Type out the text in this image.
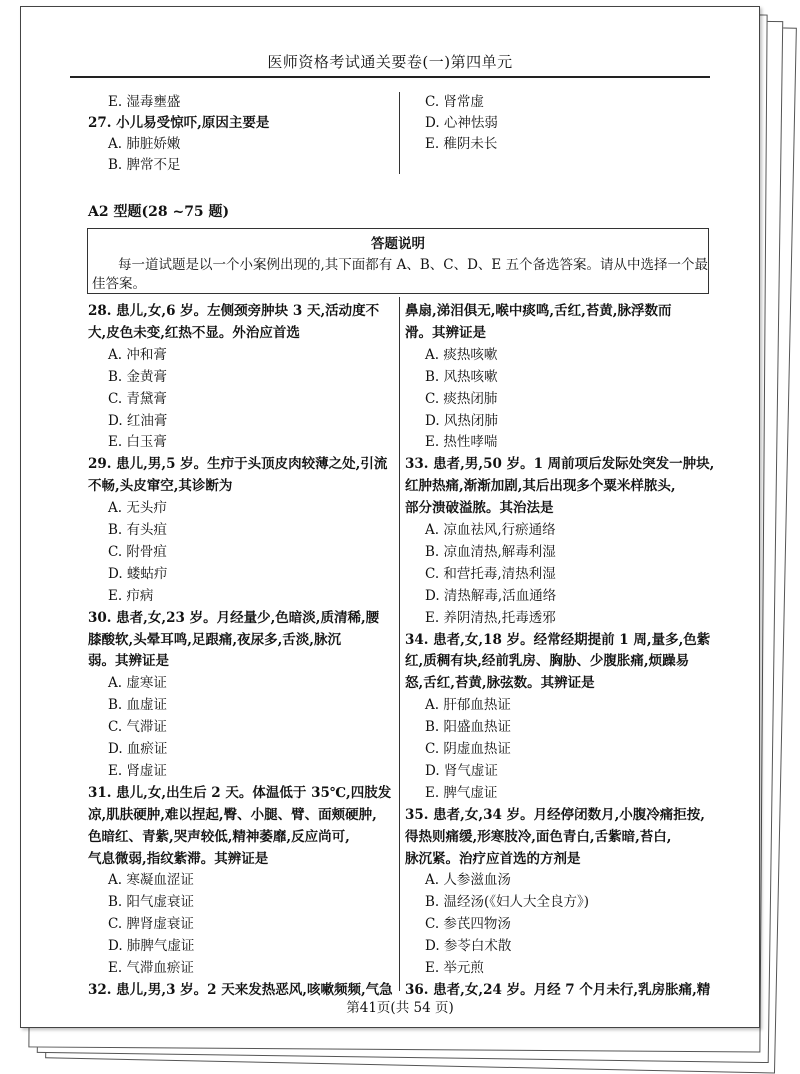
医师资格考试通关要卷(一)第四单元
E. 湿毒壅盛
27. 小儿易受惊吓,原因主要是
A. 肺脏娇嫩
B. 脾常不足
C. 肾常虚
D. 心神怯弱
E. 稚阴未长
A2 型题(28 ~75 题)
答题说明
每一道试题是以一个小案例出现的,其下面都有 A、B、C、D、E 五个备选答案。请从中选择一个最
佳答案。
28. 患儿,女,6 岁。左侧颈旁肿块 3 天,活动度不
大,皮色未变,红热不显。外治应首选
A. 冲和膏
B. 金黄膏
C. 青黛膏
D. 红油膏
E. 白玉膏
29. 患儿,男,5 岁。生疖于头顶皮肉较薄之处,引流
不畅,头皮窜空,其诊断为
A. 无头疖
B. 有头疽
C. 附骨疽
D. 蝼蛄疖
E. 疖病
30. 患者,女,23 岁。月经量少,色暗淡,质清稀,腰
膝酸软,头晕耳鸣,足跟痛,夜尿多,舌淡,脉沉
弱。其辨证是
A. 虚寒证
B. 血虚证
C. 气滞证
D. 血瘀证
E. 肾虚证
31. 患儿,女,出生后 2 天。体温低于 35℃,四肢发
凉,肌肤硬肿,难以捏起,臀、小腿、臂、面颊硬肿,
色暗红、青紫,哭声较低,精神萎靡,反应尚可,
气息微弱,指纹紫滞。其辨证是
A. 寒凝血涩证
B. 阳气虚衰证
C. 脾肾虚衰证
D. 肺脾气虚证
E. 气滞血瘀证
32. 患儿,男,3 岁。2 天来发热恶风,咳嗽频频,气急
鼻扇,涕泪俱无,喉中痰鸣,舌红,苔黄,脉浮数而
滑。其辨证是
A. 痰热咳嗽
B. 风热咳嗽
C. 痰热闭肺
D. 风热闭肺
E. 热性哮喘
33. 患者,男,50 岁。1 周前项后发际处突发一肿块,
红肿热痛,渐渐加剧,其后出现多个粟米样脓头,
部分溃破溢脓。其治法是
A. 凉血祛风,行瘀通络
B. 凉血清热,解毒利湿
C. 和营托毒,清热利湿
D. 清热解毒,活血通络
E. 养阴清热,托毒透邪
34. 患者,女,18 岁。经常经期提前 1 周,量多,色紫
红,质稠有块,经前乳房、胸胁、少腹胀痛,烦躁易
怒,舌红,苔黄,脉弦数。其辨证是
A. 肝郁血热证
B. 阳盛血热证
C. 阴虚血热证
D. 肾气虚证
E. 脾气虚证
35. 患者,女,34 岁。月经停闭数月,小腹冷痛拒按,
得热则痛缓,形寒肢冷,面色青白,舌紫暗,苔白,
脉沉紧。治疗应首选的方剂是
A. 人参滋血汤
B. 温经汤(《妇人大全良方》)
C. 参芪四物汤
D. 参苓白术散
E. 举元煎
36. 患者,女,24 岁。月经 7 个月未行,乳房胀痛,精
第41页(共 54 页)
